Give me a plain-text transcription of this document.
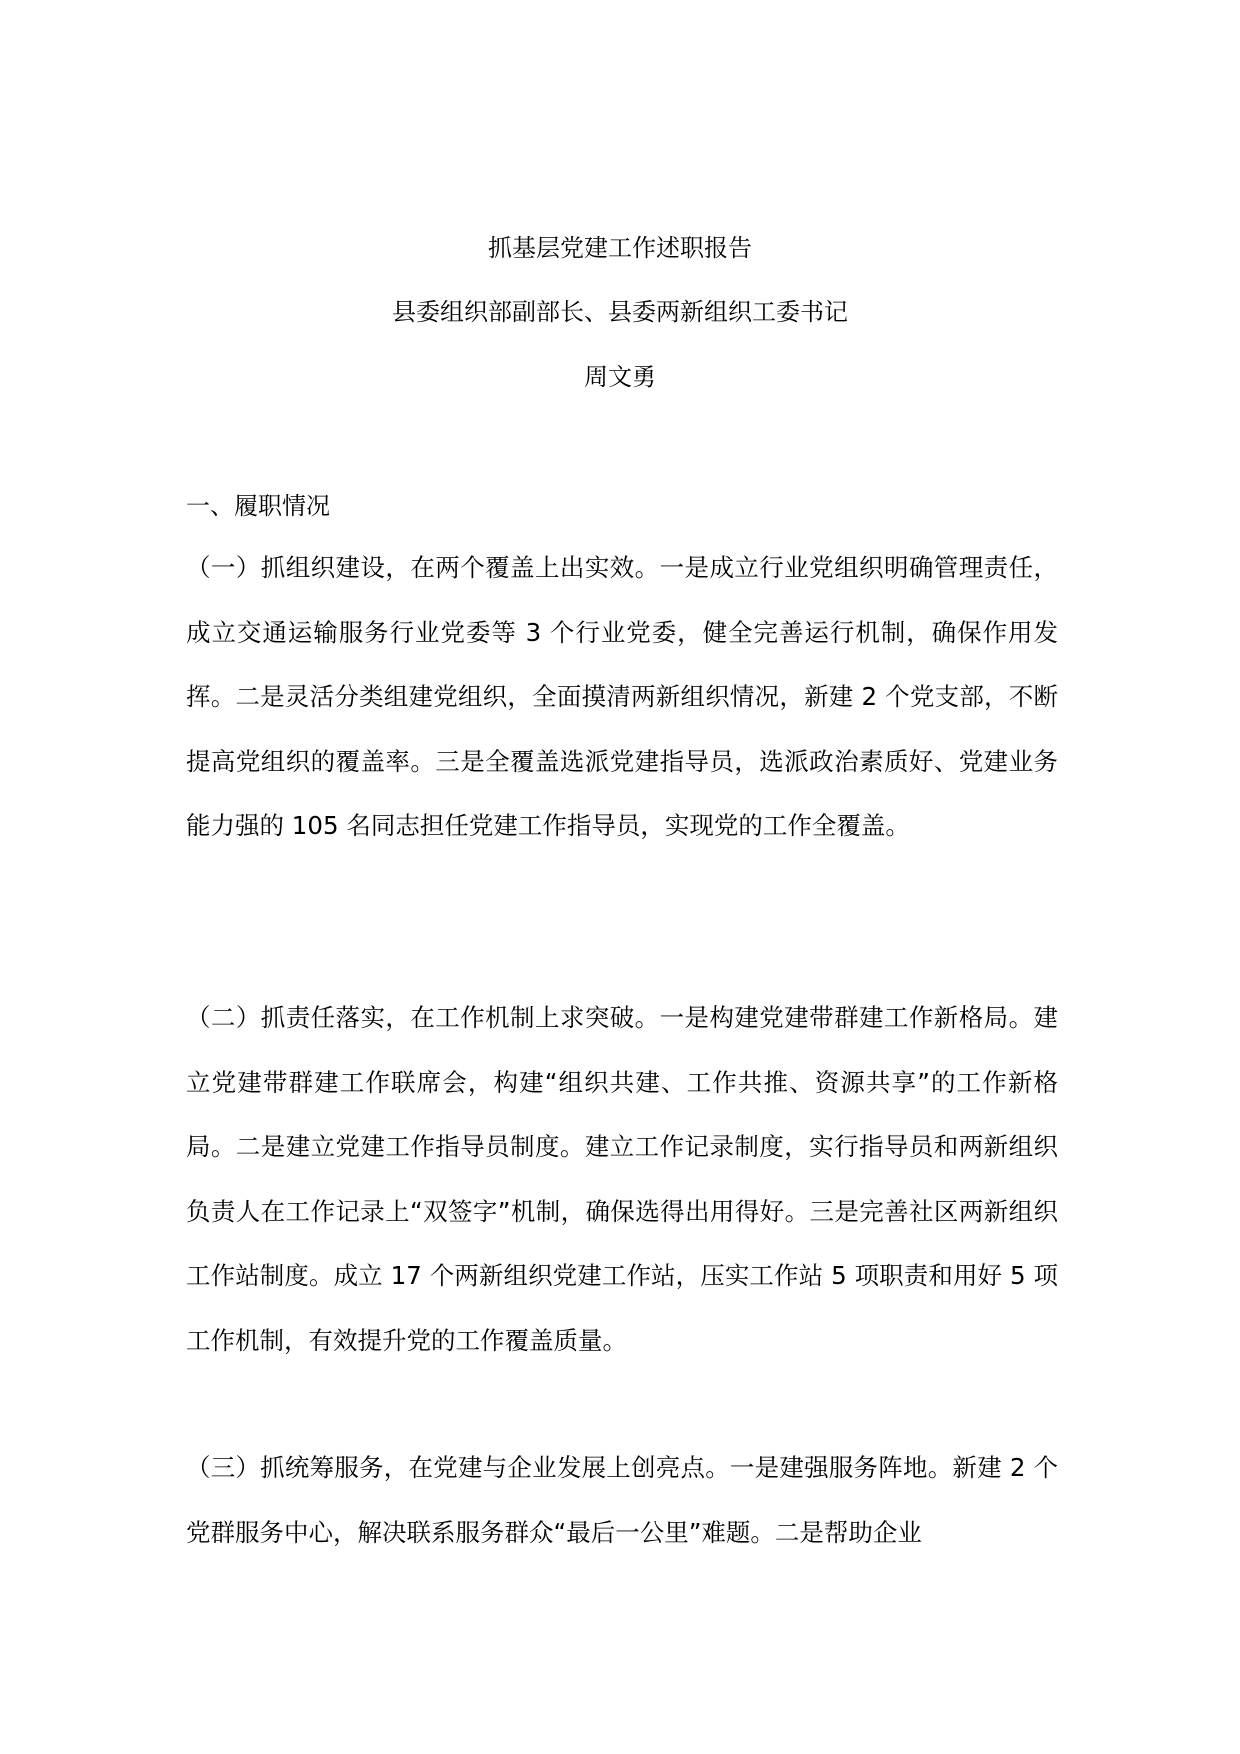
抓基层党建工作述职报告
县委组织部副部长、县委两新组织工委书记
周文勇
一、履职情况
（一）抓组织建设，在两个覆盖上出实效。一是成立行业党组织明确管理责任，成立交通运输服务行业党委等 3 个行业党委，健全完善运行机制，确保作用发挥。二是灵活分类组建党组织，全面摸清两新组织情况，新建 2 个党支部，不断提高党组织的覆盖率。三是全覆盖选派党建指导员，选派政治素质好、党建业务能力强的 105 名同志担任党建工作指导员，实现党的工作全覆盖。
（二）抓责任落实，在工作机制上求突破。一是构建党建带群建工作新格局。建立党建带群建工作联席会，构建“组织共建、工作共推、资源共享”的工作新格局。二是建立党建工作指导员制度。建立工作记录制度，实行指导员和两新组织负责人在工作记录上“双签字”机制，确保选得出用得好。三是完善社区两新组织工作站制度。成立 17 个两新组织党建工作站，压实工作站 5 项职责和用好 5 项工作机制，有效提升党的工作覆盖质量。
（三）抓统筹服务，在党建与企业发展上创亮点。一是建强服务阵地。新建 2 个党群服务中心，解决联系服务群众“最后一公里”难题。二是帮助企业
